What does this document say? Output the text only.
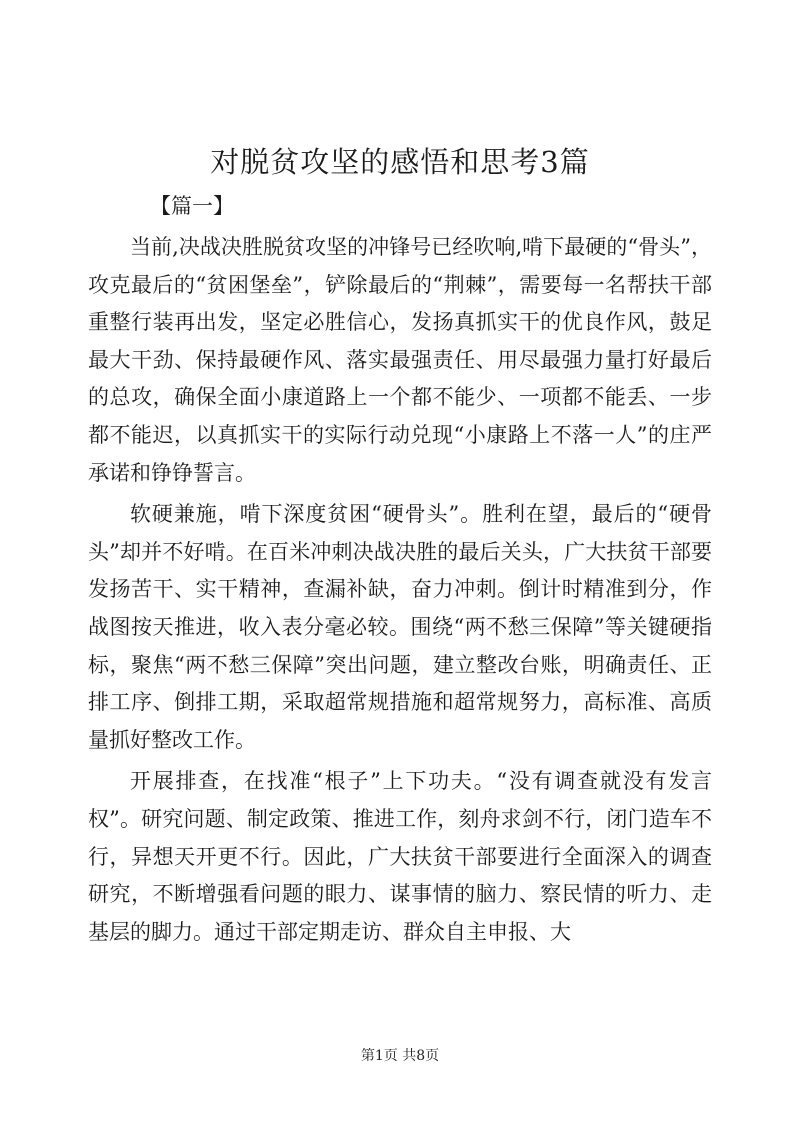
对脱贫攻坚的感悟和思考3篇
【篇一】

当前,决战决胜脱贫攻坚的冲锋号已经吹响,啃下最硬的“骨头”，攻克最后的“贫困堡垒”，铲除最后的“荆棘”，需要每一名帮扶干部重整行装再出发，坚定必胜信心，发扬真抓实干的优良作风，鼓足最大干劲、保持最硬作风、落实最强责任、用尽最强力量打好最后的总攻，确保全面小康道路上一个都不能少、一项都不能丢、一步都不能迟，以真抓实干的实际行动兑现“小康路上不落一人”的庄严承诺和铮铮誓言。

软硬兼施，啃下深度贫困“硬骨头”。胜利在望，最后的“硬骨头”却并不好啃。在百米冲刺决战决胜的最后关头，广大扶贫干部要发扬苦干、实干精神，查漏补缺，奋力冲刺。倒计时精准到分，作战图按天推进，收入表分毫必较。围绕“两不愁三保障”等关键硬指标，聚焦“两不愁三保障”突出问题，建立整改台账，明确责任、正排工序、倒排工期，采取超常规措施和超常规努力，高标准、高质量抓好整改工作。

开展排查，在找准“根子”上下功夫。“没有调查就没有发言权”。研究问题、制定政策、推进工作，刻舟求剑不行，闭门造车不行，异想天开更不行。因此，广大扶贫干部要进行全面深入的调查研究，不断增强看问题的眼力、谋事情的脑力、察民情的听力、走基层的脚力。通过干部定期走访、群众自主申报、大

第1页 共8页
